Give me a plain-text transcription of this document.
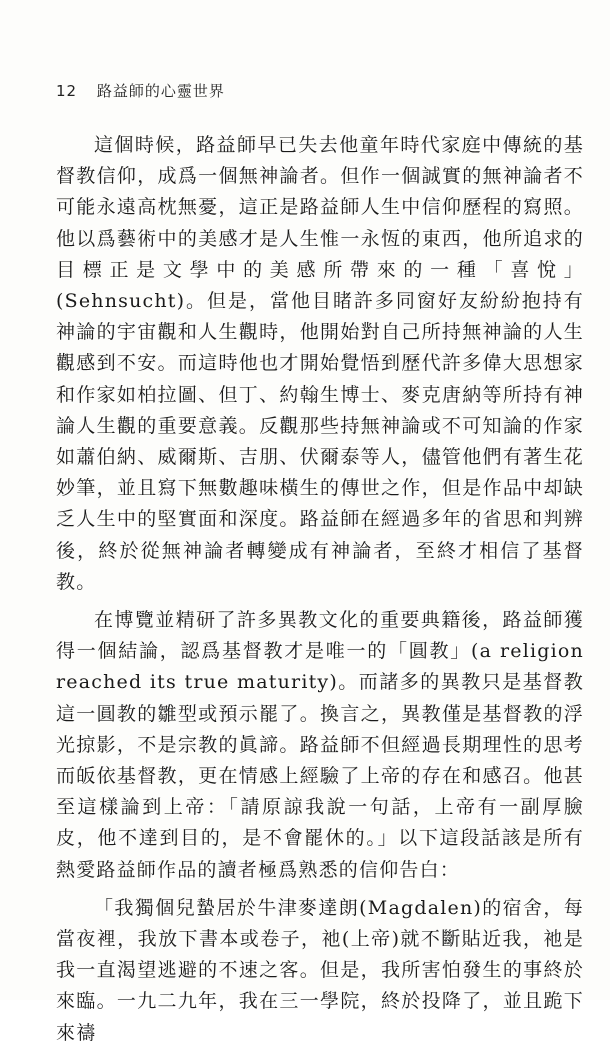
12 路益師的心靈世界

這個時候，路益師早已失去他童年時代家庭中傳統的基督教信仰，成爲一個無神論者。但作一個誠實的無神論者不可能永遠高枕無憂，這正是路益師人生中信仰歷程的寫照。他以爲藝術中的美感才是人生惟一永恆的東西，他所追求的目標正是文學中的美感所帶來的一種「喜悅」(Sehnsucht)。但是，當他目睹許多同窗好友紛紛抱持有神論的宇宙觀和人生觀時，他開始對自己所持無神論的人生觀感到不安。而這時他也才開始覺悟到歷代許多偉大思想家和作家如柏拉圖、但丁、約翰生博士、麥克唐納等所持有神論人生觀的重要意義。反觀那些持無神論或不可知論的作家如蕭伯納、威爾斯、吉朋、伏爾泰等人，儘管他們有著生花妙筆，並且寫下無數趣味橫生的傳世之作，但是作品中却缺乏人生中的堅實面和深度。路益師在經過多年的省思和判辨後，終於從無神論者轉變成有神論者，至終才相信了基督教。

在博覽並精研了許多異教文化的重要典籍後，路益師獲得一個結論，認爲基督教才是唯一的「圓教」(a religion reached its true maturity)。而諸多的異教只是基督教這一圓教的雛型或預示罷了。換言之，異教僅是基督教的浮光掠影，不是宗教的眞諦。路益師不但經過長期理性的思考而皈依基督教，更在情感上經驗了上帝的存在和感召。他甚至這樣論到上帝：「請原諒我說一句話，上帝有一副厚臉皮，他不達到目的，是不會罷休的。」以下這段話該是所有熱愛路益師作品的讀者極爲熟悉的信仰告白：

「我獨個兒蟄居於牛津麥達朗(Magdalen)的宿舍，每當夜裡，我放下書本或卷子，祂(上帝)就不斷貼近我，祂是我一直渴望逃避的不速之客。但是，我所害怕發生的事終於來臨。一九二九年，我在三一學院，終於投降了，並且跪下來禱
